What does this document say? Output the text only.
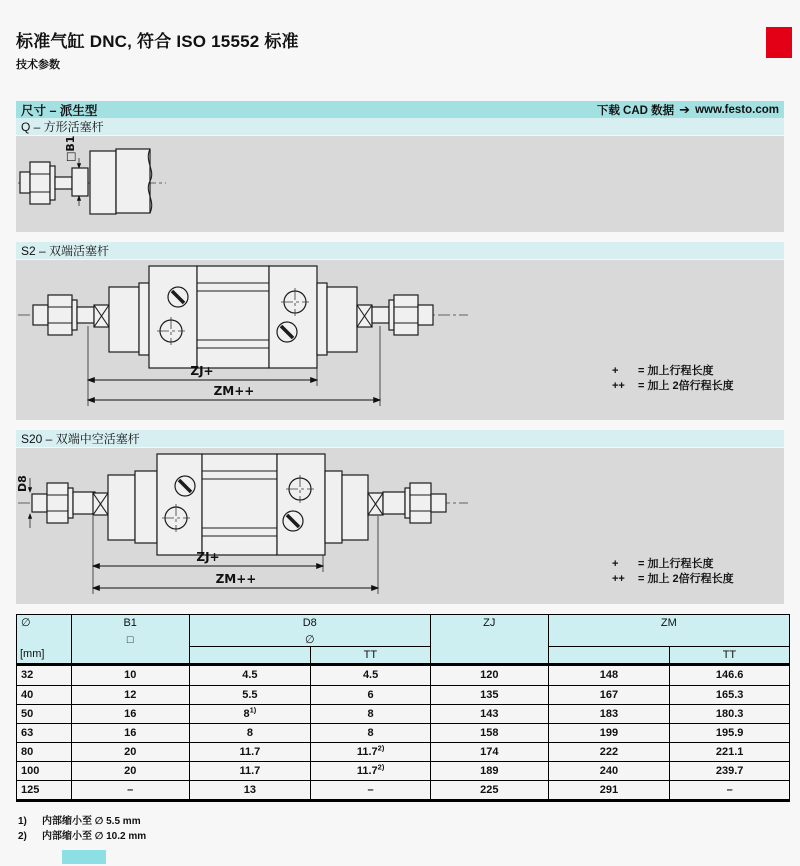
标准气缸 DNC, 符合 ISO 15552 标准
技术参数
尺寸 – 派生型	下载 CAD 数据 ➔ www.festo.com
Q – 方形活塞杆
□B1
S2 – 双端活塞杆
ZJ+
ZM++
+	= 加上行程长度
++	= 加上 2倍行程长度
S20 – 双端中空活塞杆
D8
ZJ+
ZM++
+	= 加上行程长度
++	= 加上 2倍行程长度
∅
[mm]
B1
□
D8
∅
TT
ZJ	ZM
TT
32	10	4.5	4.5	120	148	146.6
40	12	5.5	6	135	167	165.3
50	16	8$^{1)}$	8	143	183	180.3
63	16	8	8	158	199	195.9
80	20	11.7	11.7$^{2)}$	174	222	221.1
100	20	11.7	11.7$^{2)}$	189	240	239.7
125	–	13	–	225	291	–
1)	内部缩小至 ∅ 5.5 mm
2)	内部缩小至 ∅ 10.2 mm
